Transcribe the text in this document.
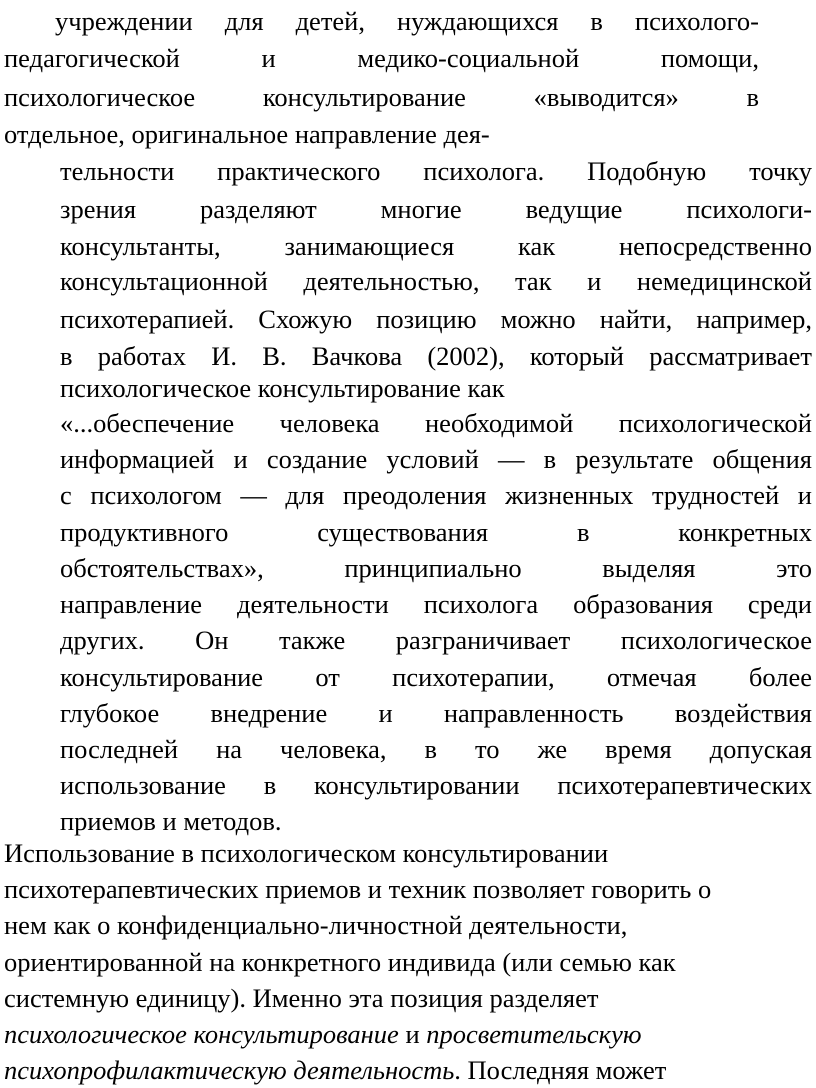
учреждении для детей, нуждающихся в психолого-
педагогической	и	медико-социальной	помощи,
психологическое	консультирование	«выводится»	в
отдельное, оригинальное направление дея-
тельности практического психолога. Подобную точку
зрения разделяют многие ведущие психологи-
консультанты, занимающиеся как непосредственно
консультационной деятельностью, так и немедицинской
психотерапией. Схожую позицию можно найти, например,
в работах И. В. Вачкова (2002), который рассматривает
психологическое консультирование как
«...обеспечение человека необходимой психологической
информацией и создание условий — в результате общения
с психологом — для преодоления жизненных трудностей и
продуктивного	существования	в	конкретных
обстоятельствах»,	принципиально	выделяя	это
направление деятельности психолога образования среди
других. Он также разграничивает психологическое
консультирование от психотерапии, отмечая более
глубокое внедрение и направленность воздействия
последней на человека, в то же время допуская
использование в консультировании психотерапевтических
приемов и методов.
Использование в психологическом консультировании
психотерапевтических приемов и техник позволяет говорить о
нем как о конфиденциально-личностной деятельности,
ориентированной на конкретного индивида (или семью как
системную единицу). Именно эта позиция разделяет
психологическое консультирование и просветительскую
психопрофилактическую деятельность. Последняя может
